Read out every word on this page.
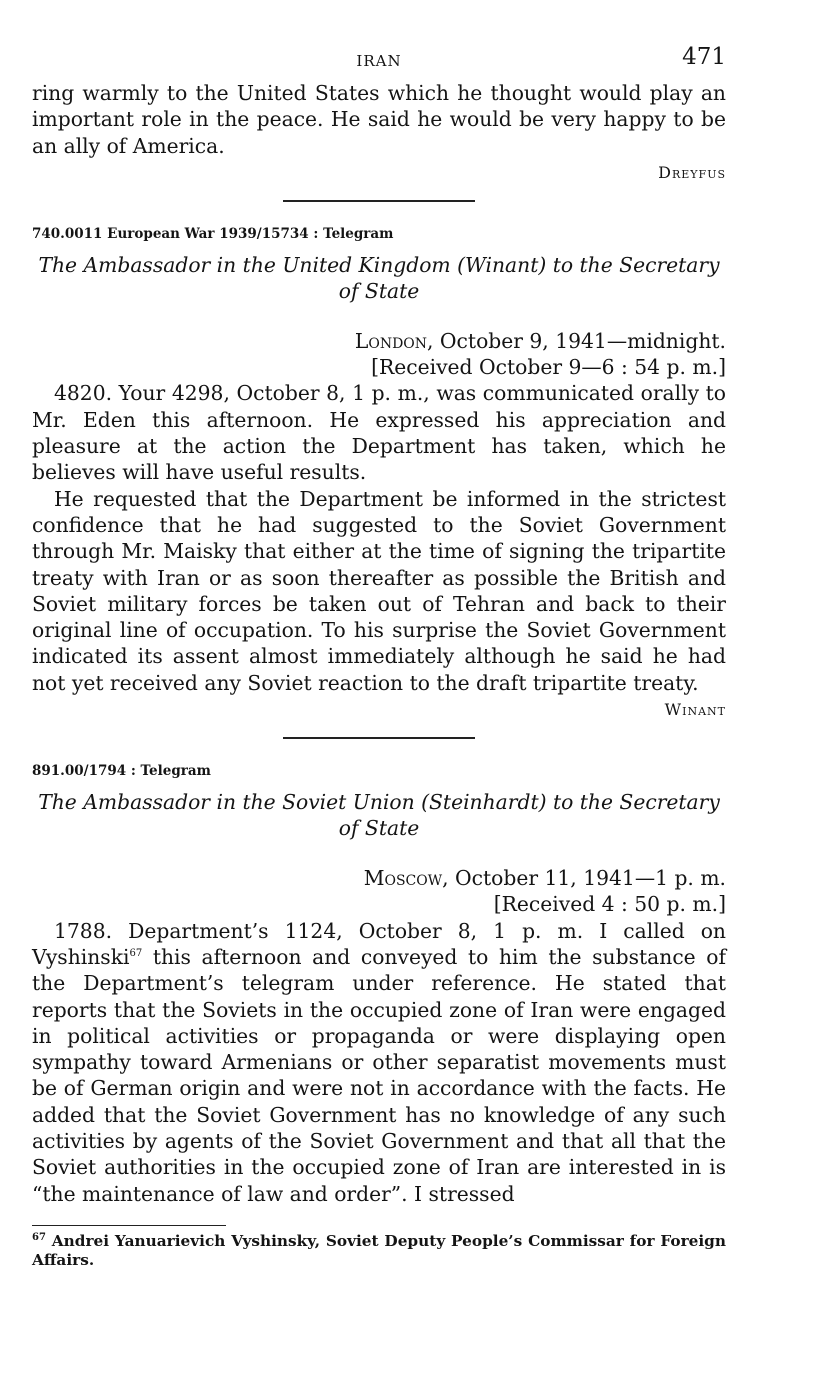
IRAN	471

ring warmly to the United States which he thought would play an important role in the peace. He said he would be very happy to be an ally of America.

Dreyfus
740.0011 European War 1939/15734 : Telegram
The Ambassador in the United Kingdom (Winant) to the Secretary
of State
London, October 9, 1941—midnight.
[Received October 9—6 : 54 p. m.]

4820. Your 4298, October 8, 1 p. m., was communicated orally to Mr. Eden this afternoon. He expressed his appreciation and pleasure at the action the Department has taken, which he believes will have useful results.

He requested that the Department be informed in the strictest confidence that he had suggested to the Soviet Government through Mr. Maisky that either at the time of signing the tripartite treaty with Iran or as soon thereafter as possible the British and Soviet military forces be taken out of Tehran and back to their original line of occupation. To his surprise the Soviet Government indicated its assent almost immediately although he said he had not yet received any Soviet reaction to the draft tripartite treaty.

Winant
891.00/1794 : Telegram
The Ambassador in the Soviet Union (Steinhardt) to the Secretary
of State
Moscow, October 11, 1941—1 p. m.
[Received 4 : 50 p. m.]

1788. Department’s 1124, October 8, 1 p. m. I called on Vyshinski$^{67}$ this afternoon and conveyed to him the substance of the Department’s telegram under reference. He stated that reports that the Soviets in the occupied zone of Iran were engaged in political activities or propaganda or were displaying open sympathy toward Armenians or other separatist movements must be of German origin and were not in accordance with the facts. He added that the Soviet Government has no knowledge of any such activities by agents of the Soviet Government and that all that the Soviet authorities in the occupied zone of Iran are interested in is “the maintenance of law and order”. I stressed

$^{67}$ Andrei Yanuarievich Vyshinsky, Soviet Deputy People’s Commissar for Foreign Affairs.
